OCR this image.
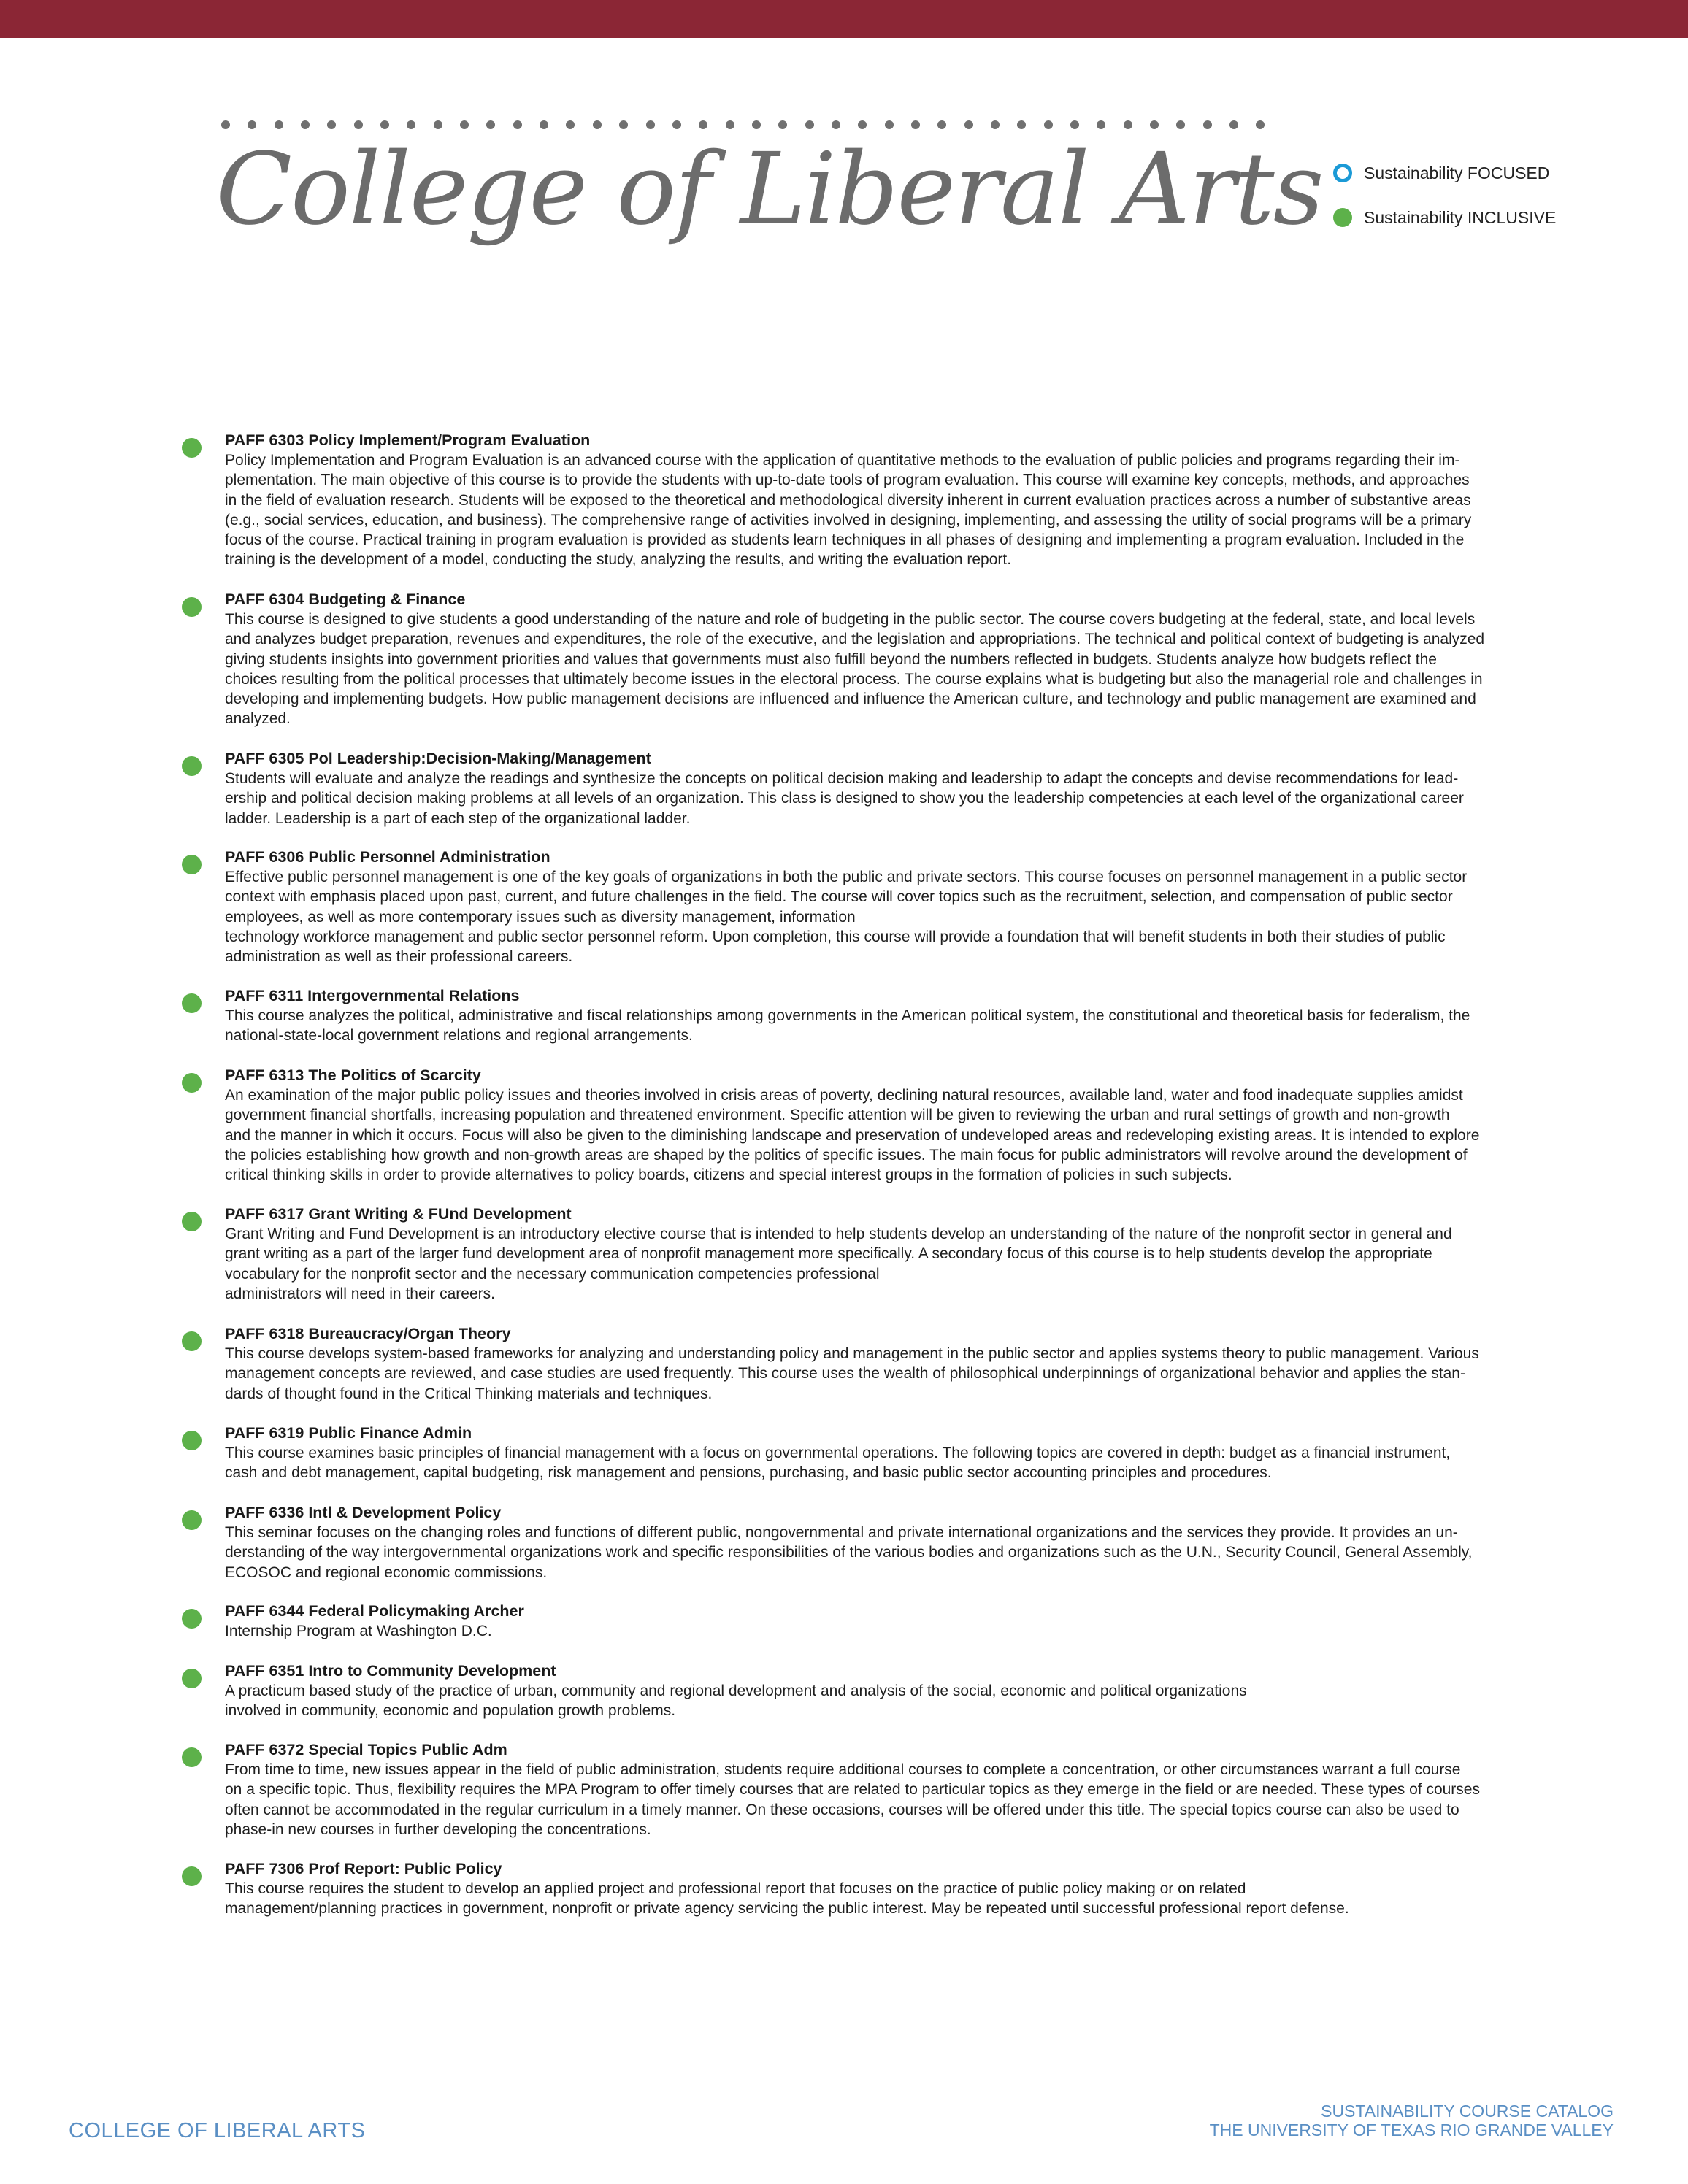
College of Liberal Arts Sustainability FOCUSED
Sustainability INCLUSIVE
PAFF 6303 Policy Implement/Program Evaluation

Policy Implementation and Program Evaluation is an advanced course with the application of quantitative methods to the evaluation of public policies and programs regarding their im-
plementation. The main objective of this course is to provide the students with up-to-date tools of program evaluation. This course will examine key concepts, methods, and approaches
in the field of evaluation research. Students will be exposed to the theoretical and methodological diversity inherent in current evaluation practices across a number of substantive areas
(e.g., social services, education, and business). The comprehensive range of activities involved in designing, implementing, and assessing the utility of social programs will be a primary
focus of the course. Practical training in program evaluation is provided as students learn techniques in all phases of designing and implementing a program evaluation. Included in the
training is the development of a model, conducting the study, analyzing the results, and writing the evaluation report.

PAFF 6304 Budgeting & Finance

This course is designed to give students a good understanding of the nature and role of budgeting in the public sector. The course covers budgeting at the federal, state, and local levels
and analyzes budget preparation, revenues and expenditures, the role of the executive, and the legislation and appropriations. The technical and political context of budgeting is analyzed
giving students insights into government priorities and values that governments must also fulfill beyond the numbers reflected in budgets. Students analyze how budgets reflect the
choices resulting from the political processes that ultimately become issues in the electoral process. The course explains what is budgeting but also the managerial role and challenges in
developing and implementing budgets. How public management decisions are influenced and influence the American culture, and technology and public management are examined and
analyzed.

PAFF 6305 Pol Leadership:Decision-Making/Management

Students will evaluate and analyze the readings and synthesize the concepts on political decision making and leadership to adapt the concepts and devise recommendations for lead-
ership and political decision making problems at all levels of an organization. This class is designed to show you the leadership competencies at each level of the organizational career
ladder. Leadership is a part of each step of the organizational ladder.

PAFF 6306 Public Personnel Administration

Effective public personnel management is one of the key goals of organizations in both the public and private sectors. This course focuses on personnel management in a public sector
context with emphasis placed upon past, current, and future challenges in the field. The course will cover topics such as the recruitment, selection, and compensation of public sector
employees, as well as more contemporary issues such as diversity management, information
technology workforce management and public sector personnel reform. Upon completion, this course will provide a foundation that will benefit students in both their studies of public
administration as well as their professional careers.

PAFF 6311 Intergovernmental Relations

This course analyzes the political, administrative and fiscal relationships among governments in the American political system, the constitutional and theoretical basis for federalism, the
national-state-local government relations and regional arrangements.

PAFF 6313 The Politics of Scarcity

An examination of the major public policy issues and theories involved in crisis areas of poverty, declining natural resources, available land, water and food inadequate supplies amidst
government financial shortfalls, increasing population and threatened environment. Specific attention will be given to reviewing the urban and rural settings of growth and non-growth
and the manner in which it occurs. Focus will also be given to the diminishing landscape and preservation of undeveloped areas and redeveloping existing areas. It is intended to explore
the policies establishing how growth and non-growth areas are shaped by the politics of specific issues. The main focus for public administrators will revolve around the development of
critical thinking skills in order to provide alternatives to policy boards, citizens and special interest groups in the formation of policies in such subjects.

PAFF 6317 Grant Writing & FUnd Development

Grant Writing and Fund Development is an introductory elective course that is intended to help students develop an understanding of the nature of the nonprofit sector in general and
grant writing as a part of the larger fund development area of nonprofit management more specifically. A secondary focus of this course is to help students develop the appropriate
vocabulary for the nonprofit sector and the necessary communication competencies professional
administrators will need in their careers.

PAFF 6318 Bureaucracy/Organ Theory

This course develops system-based frameworks for analyzing and understanding policy and management in the public sector and applies systems theory to public management. Various
management concepts are reviewed, and case studies are used frequently. This course uses the wealth of philosophical underpinnings of organizational behavior and applies the stan-
dards of thought found in the Critical Thinking materials and techniques.

PAFF 6319 Public Finance Admin

This course examines basic principles of financial management with a focus on governmental operations. The following topics are covered in depth: budget as a financial instrument,
cash and debt management, capital budgeting, risk management and pensions, purchasing, and basic public sector accounting principles and procedures.

PAFF 6336 Intl & Development Policy

This seminar focuses on the changing roles and functions of different public, nongovernmental and private international organizations and the services they provide. It provides an un-
derstanding of the way intergovernmental organizations work and specific responsibilities of the various bodies and organizations such as the U.N., Security Council, General Assembly,
ECOSOC and regional economic commissions.

PAFF 6344 Federal Policymaking Archer

Internship Program at Washington D.C.

PAFF 6351 Intro to Community Development

A practicum based study of the practice of urban, community and regional development and analysis of the social, economic and political organizations
involved in community, economic and population growth problems.

PAFF 6372 Special Topics Public Adm

From time to time, new issues appear in the field of public administration, students require additional courses to complete a concentration, or other circumstances warrant a full course
on a specific topic. Thus, flexibility requires the MPA Program to offer timely courses that are related to particular topics as they emerge in the field or are needed. These types of courses
often cannot be accommodated in the regular curriculum in a timely manner. On these occasions, courses will be offered under this title. The special topics course can also be used to
phase-in new courses in further developing the concentrations.

PAFF 7306 Prof Report: Public Policy

This course requires the student to develop an applied project and professional report that focuses on the practice of public policy making or on related
management/planning practices in government, nonprofit or private agency servicing the public interest. May be repeated until successful professional report defense.

COLLEGE OF LIBERAL ARTS
SUSTAINABILITY COURSE CATALOG
THE UNIVERSITY OF TEXAS RIO GRANDE VALLEY
